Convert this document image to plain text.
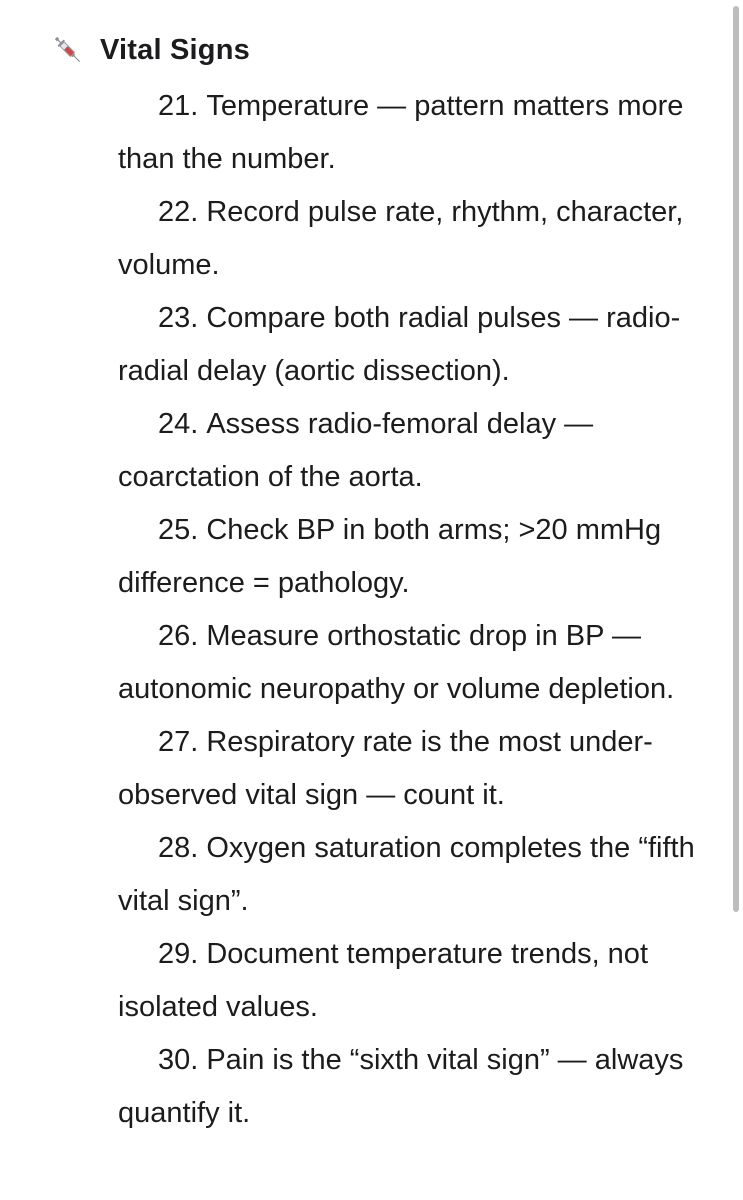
Vital Signs
21. Temperature — pattern matters more than the number.
22. Record pulse rate, rhythm, character, volume.
23. Compare both radial pulses — radio-radial delay (aortic dissection).
24. Assess radio-femoral delay — coarctation of the aorta.
25. Check BP in both arms; >20 mmHg difference = pathology.
26. Measure orthostatic drop in BP — autonomic neuropathy or volume depletion.
27. Respiratory rate is the most under-observed vital sign — count it.
28. Oxygen saturation completes the “fifth vital sign”.
29. Document temperature trends, not isolated values.
30. Pain is the “sixth vital sign” — always quantify it.
